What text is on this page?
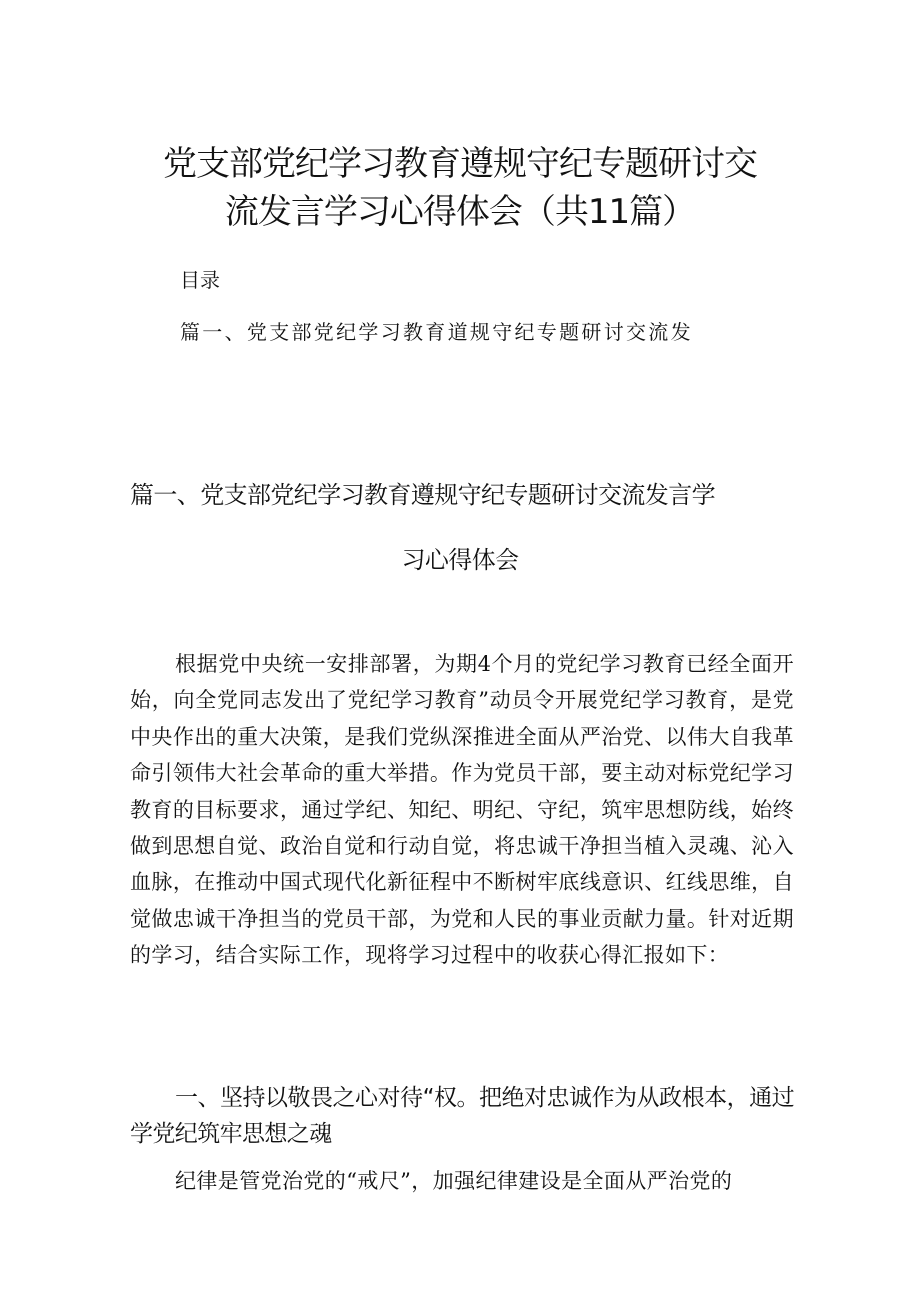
党支部党纪学习教育遵规守纪专题研讨交
流发言学习心得体会（共11篇）
目录
篇一、党支部党纪学习教育道规守纪专题研讨交流发
篇一、党支部党纪学习教育遵规守纪专题研讨交流发言学
习心得体会
根据党中央统一安排部署，为期4个月的党纪学习教育已经全面开始，向全党同志发出了党纪学习教育”动员令开展党纪学习教育，是党中央作出的重大决策，是我们党纵深推进全面从严治党、以伟大自我革命引领伟大社会革命的重大举措。作为党员干部，要主动对标党纪学习教育的目标要求，通过学纪、知纪、明纪、守纪，筑牢思想防线，始终做到思想自觉、政治自觉和行动自觉，将忠诚干净担当植入灵魂、沁入血脉，在推动中国式现代化新征程中不断树牢底线意识、红线思维，自觉做忠诚干净担当的党员干部，为党和人民的事业贡献力量。针对近期的学习，结合实际工作，现将学习过程中的收获心得汇报如下：
一、坚持以敬畏之心对待“权。把绝对忠诚作为从政根本，通过学党纪筑牢思想之魂
纪律是管党治党的“戒尺”，加强纪律建设是全面从严治党的
